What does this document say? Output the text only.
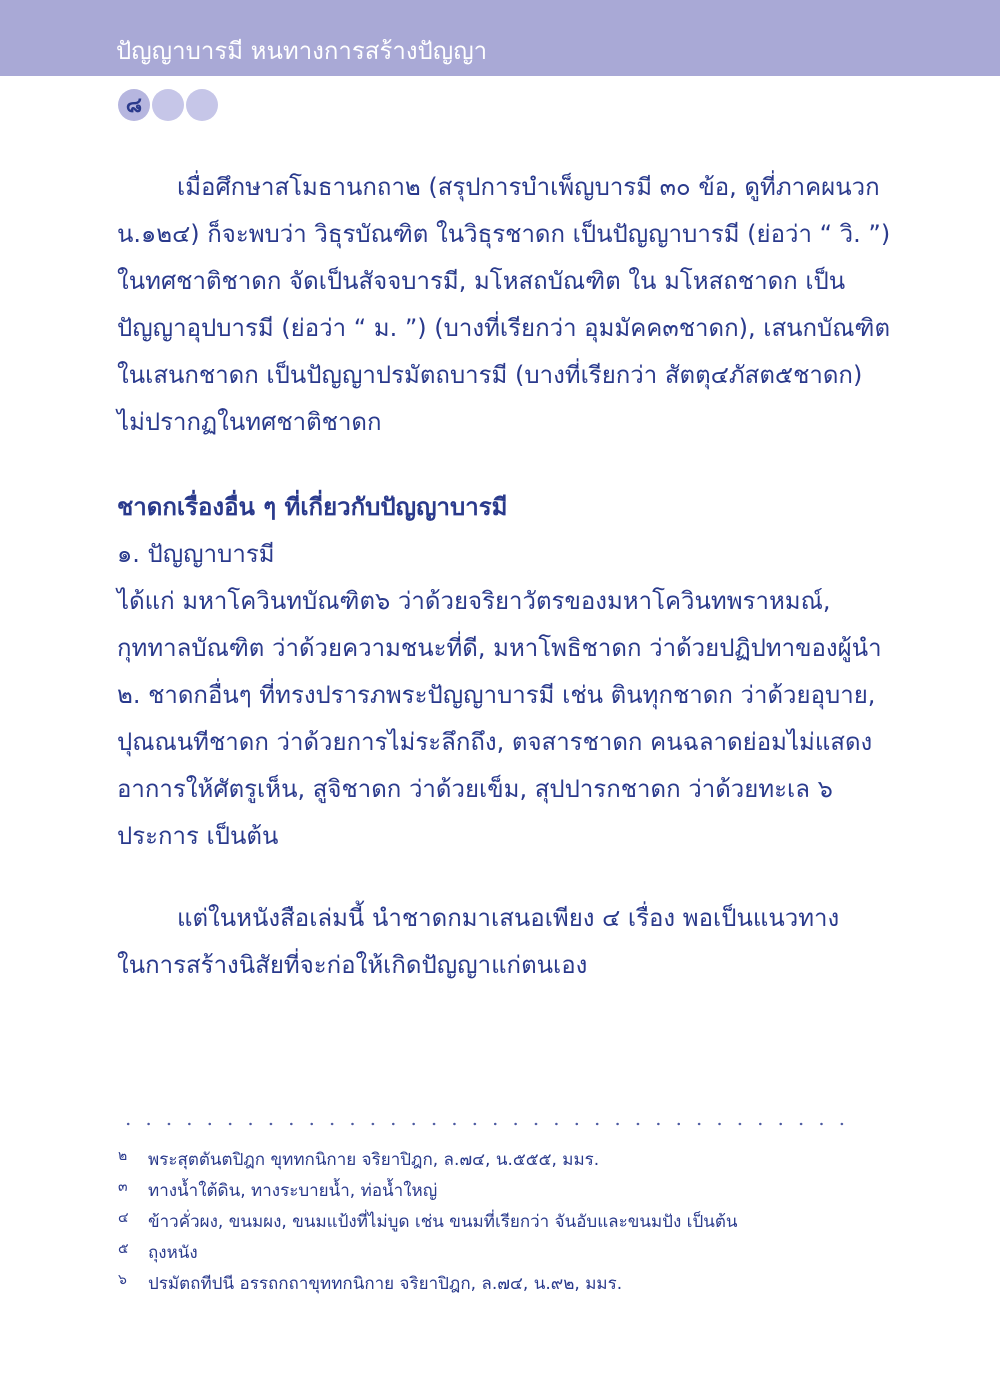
ปัญญาบารมี หนทางการสร้างปัญญา
๘
เมื่อศึกษาสโมธานกถา๒ (สรุปการบำเพ็ญบารมี ๓๐ ข้อ, ดูที่ภาคผนวก
น.๑๒๔) ก็จะพบว่า วิธุรบัณฑิต ในวิธุรชาดก เป็นปัญญาบารมี (ย่อว่า “ วิ. ”)
ในทศชาติชาดก จัดเป็นสัจจบารมี, มโหสถบัณฑิต ใน มโหสถชาดก เป็น
ปัญญาอุปบารมี (ย่อว่า “ ม. ”) (บางที่เรียกว่า อุมมัคค๓ชาดก), เสนกบัณฑิต
ในเสนกชาดก เป็นปัญญาปรมัตถบารมี (บางที่เรียกว่า สัตตุ๔ภัสต๕ชาดก)
ไม่ปรากฏในทศชาติชาดก
ชาดกเรื่องอื่น ๆ ที่เกี่ยวกับปัญญาบารมี
๑. ปัญญาบารมี
ได้แก่ มหาโควินทบัณฑิต๖ ว่าด้วยจริยาวัตรของมหาโควินทพราหมณ์,
กุททาลบัณฑิต ว่าด้วยความชนะที่ดี, มหาโพธิชาดก ว่าด้วยปฏิปทาของผู้นำ
๒. ชาดกอื่นๆ ที่ทรงปรารภพระปัญญาบารมี เช่น ตินทุกชาดก ว่าด้วยอุบาย,
ปุณณนทีชาดก ว่าด้วยการไม่ระลึกถึง, ตจสารชาดก คนฉลาดย่อมไม่แสดง
อาการให้ศัตรูเห็น, สูจิชาดก ว่าด้วยเข็ม, สุปปารกชาดก ว่าด้วยทะเล ๖
ประการ เป็นต้น
แต่ในหนังสือเล่มนี้ นำชาดกมาเสนอเพียง ๔ เรื่อง พอเป็นแนวทาง
ในการสร้างนิสัยที่จะก่อให้เกิดปัญญาแก่ตนเอง
๒ พระสุตตันตปิฎก ขุททกนิกาย จริยาปิฎก, ล.๗๔, น.๕๕๕, มมร.
๓ ทางน้ำใต้ดิน, ทางระบายน้ำ, ท่อน้ำใหญ่
๔ ข้าวคั่วผง, ขนมผง, ขนมแป้งที่ไม่บูด เช่น ขนมที่เรียกว่า จันอับและขนมปัง เป็นต้น
๕ ถุงหนัง
๖ ปรมัตถทีปนี อรรถกถาขุททกนิกาย จริยาปิฎก, ล.๗๔, น.๙๒, มมร.
